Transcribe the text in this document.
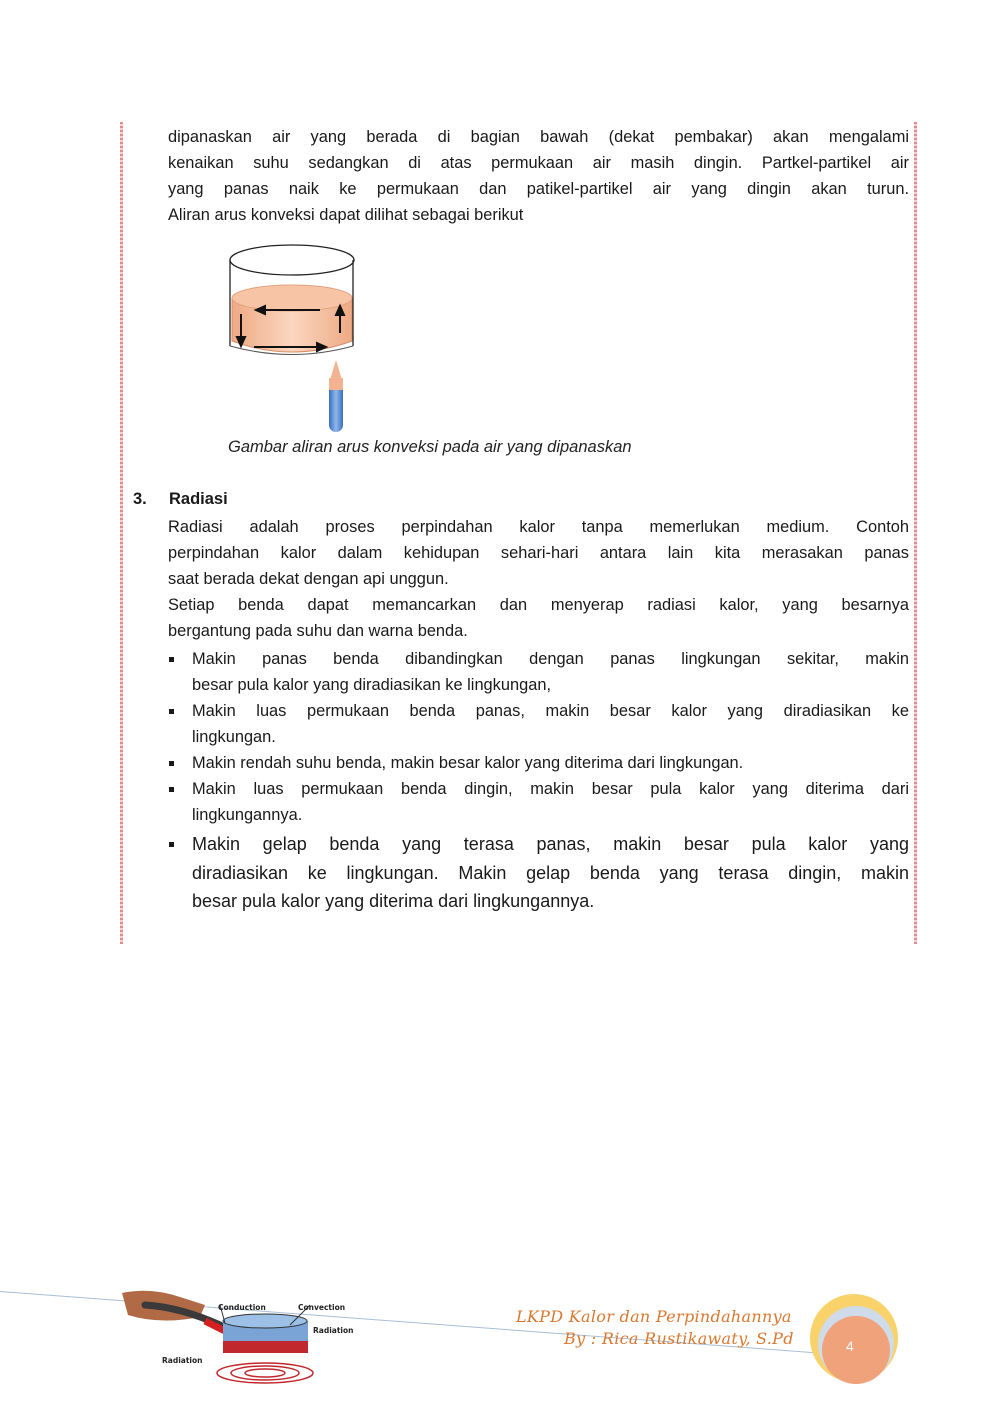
dipanaskan air yang berada di bagian bawah (dekat pembakar) akan mengalami
kenaikan suhu sedangkan di atas permukaan air masih dingin. Partkel-partikel air
yang panas naik ke permukaan dan patikel-partikel air yang dingin akan turun.
Aliran arus konveksi dapat dilihat sebagai berikut
Gambar aliran arus konveksi pada air yang dipanaskan
3. Radiasi
Radiasi adalah proses perpindahan kalor tanpa memerlukan medium. Contoh
perpindahan kalor dalam kehidupan sehari-hari antara lain kita merasakan panas
saat berada dekat dengan api unggun.
Setiap benda dapat memancarkan dan menyerap radiasi kalor, yang besarnya
bergantung pada suhu dan warna benda.
Makin panas benda dibandingkan dengan panas lingkungan sekitar, makin
besar pula kalor yang diradiasikan ke lingkungan,
Makin luas permukaan benda panas, makin besar kalor yang diradiasikan ke
lingkungan.
Makin rendah suhu benda, makin besar kalor yang diterima dari lingkungan.
Makin luas permukaan benda dingin, makin besar pula kalor yang diterima dari
lingkungannya.
Makin gelap benda yang terasa panas, makin besar pula kalor yang
diradiasikan ke lingkungan. Makin gelap benda yang terasa dingin, makin
besar pula kalor yang diterima dari lingkungannya.
Conduction	Convection
Radiation
Radiation
LKPD Kalor dan Perpindahannya
By : Rica Rustikawaty, S.Pd	4
